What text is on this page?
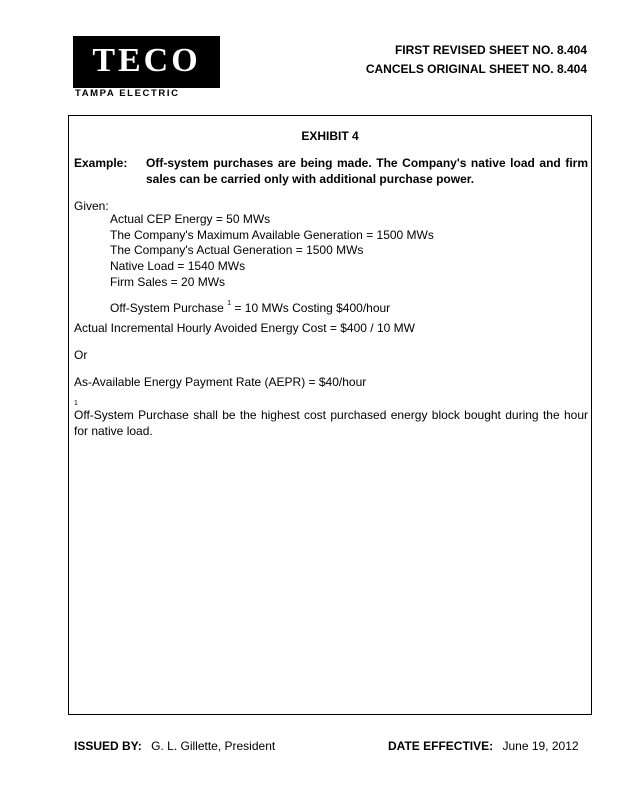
TECO
TAMPA ELECTRIC
FIRST REVISED SHEET NO. 8.404
CANCELS ORIGINAL SHEET NO. 8.404
EXHIBIT 4
Example: Off-system purchases are being made. The Company's native load and firm sales can be carried only with additional purchase power.
Given:
Actual CEP Energy = 50 MWs
The Company's Maximum Available Generation = 1500 MWs
The Company's Actual Generation = 1500 MWs
Native Load = 1540 MWs
Firm Sales = 20 MWs
Off-System Purchase $^1$ = 10 MWs Costing $400/hour
Actual Incremental Hourly Avoided Energy Cost = $400 / 10 MW
Or
As-Available Energy Payment Rate (AEPR) = $40/hour
1
Off-System Purchase shall be the highest cost purchased energy block bought during the hour for native load.
ISSUED BY: G. L. Gillette, President	DATE EFFECTIVE: June 19, 2012
